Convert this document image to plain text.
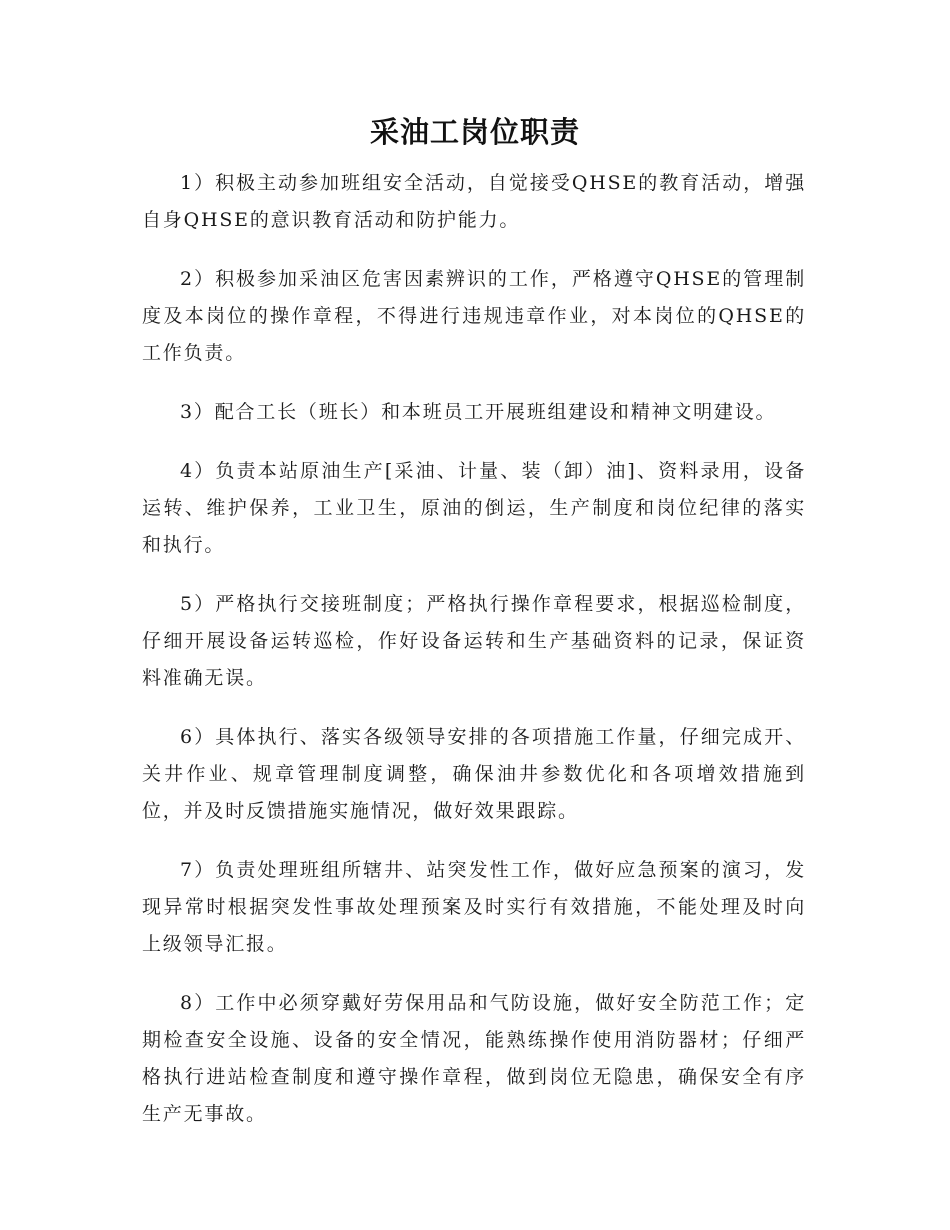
采油工岗位职责

1）积极主动参加班组安全活动，自觉接受QHSE的教育活动，增强自身QHSE的意识教育活动和防护能力。

2）积极参加采油区危害因素辨识的工作，严格遵守QHSE的管理制度及本岗位的操作章程，不得进行违规违章作业，对本岗位的QHSE的工作负责。

3）配合工长（班长）和本班员工开展班组建设和精神文明建设。

4）负责本站原油生产[采油、计量、装（卸）油]、资料录用，设备运转、维护保养，工业卫生，原油的倒运，生产制度和岗位纪律的落实和执行。

5）严格执行交接班制度；严格执行操作章程要求，根据巡检制度，仔细开展设备运转巡检，作好设备运转和生产基础资料的记录，保证资料准确无误。

6）具体执行、落实各级领导安排的各项措施工作量，仔细完成开、关井作业、规章管理制度调整，确保油井参数优化和各项增效措施到位，并及时反馈措施实施情况，做好效果跟踪。

7）负责处理班组所辖井、站突发性工作，做好应急预案的演习，发现异常时根据突发性事故处理预案及时实行有效措施，不能处理及时向上级领导汇报。

8）工作中必须穿戴好劳保用品和气防设施，做好安全防范工作；定期检查安全设施、设备的安全情况，能熟练操作使用消防器材；仔细严格执行进站检查制度和遵守操作章程，做到岗位无隐患，确保安全有序生产无事故。
